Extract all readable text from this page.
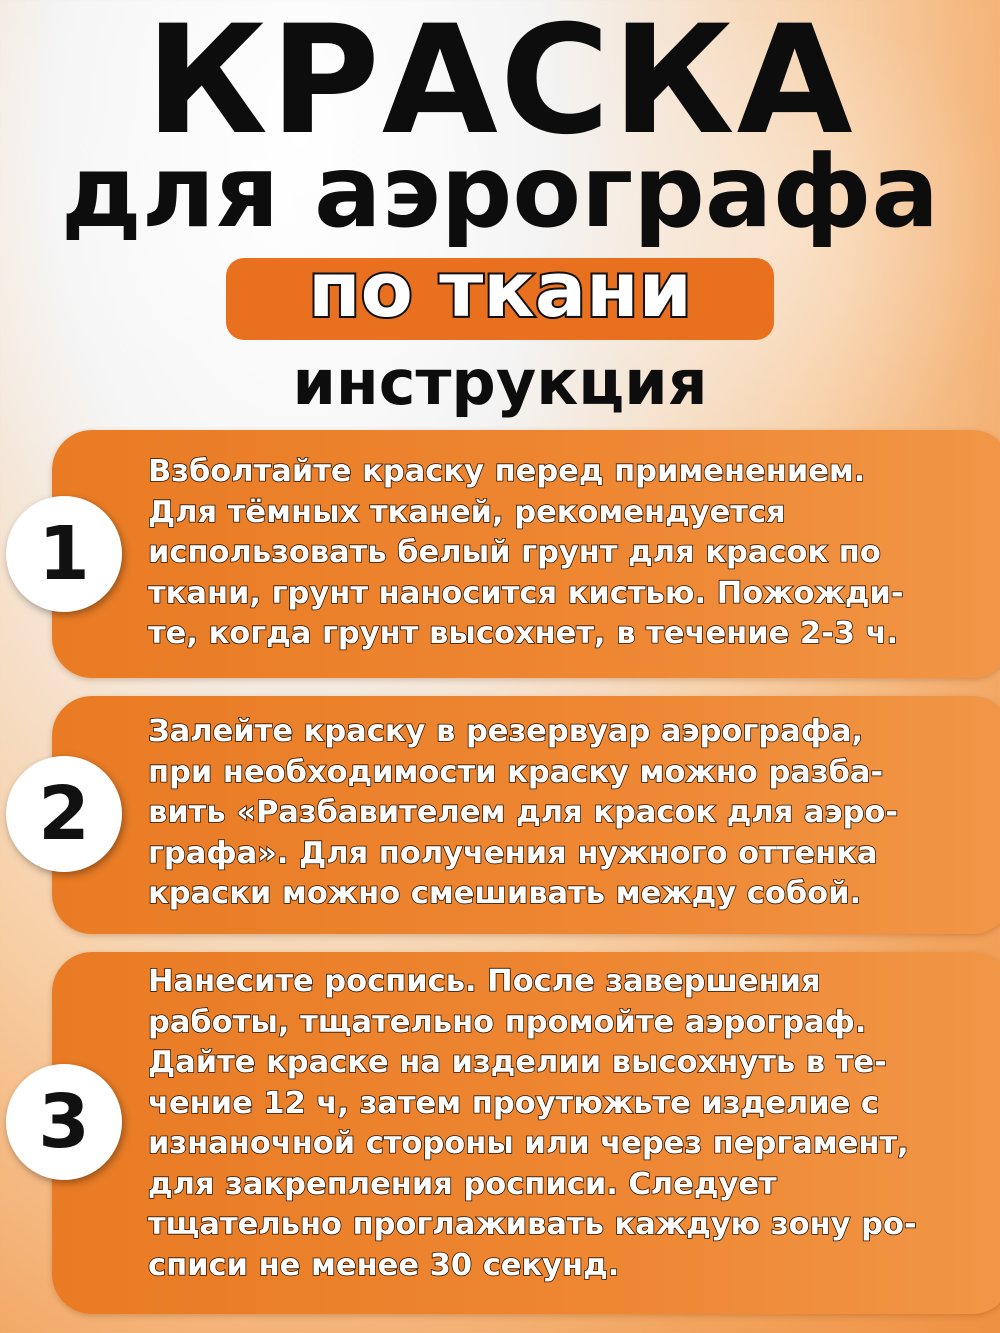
КРАСКА
для аэрографа
по ткани
инструкция
1
Взболтайте краску перед применением.
Для тёмных тканей, рекомендуется
использовать белый грунт для красок по
ткани, грунт наносится кистью. Пожожди-
те, когда грунт высохнет, в течение 2-3 ч.
2
Залейте краску в резервуар аэрографа,
при необходимости краску можно разба-
вить «Разбавителем для красок для аэро-
графа». Для получения нужного оттенка
краски можно смешивать между собой.
3
Нанесите роспись. После завершения
работы, тщательно промойте аэрограф.
Дайте краске на изделии высохнуть в те-
чение 12 ч, затем проутюжьте изделие с
изнаночной стороны или через пергамент,
для закрепления росписи. Следует
тщательно проглаживать каждую зону ро-
списи не менее 30 секунд.
